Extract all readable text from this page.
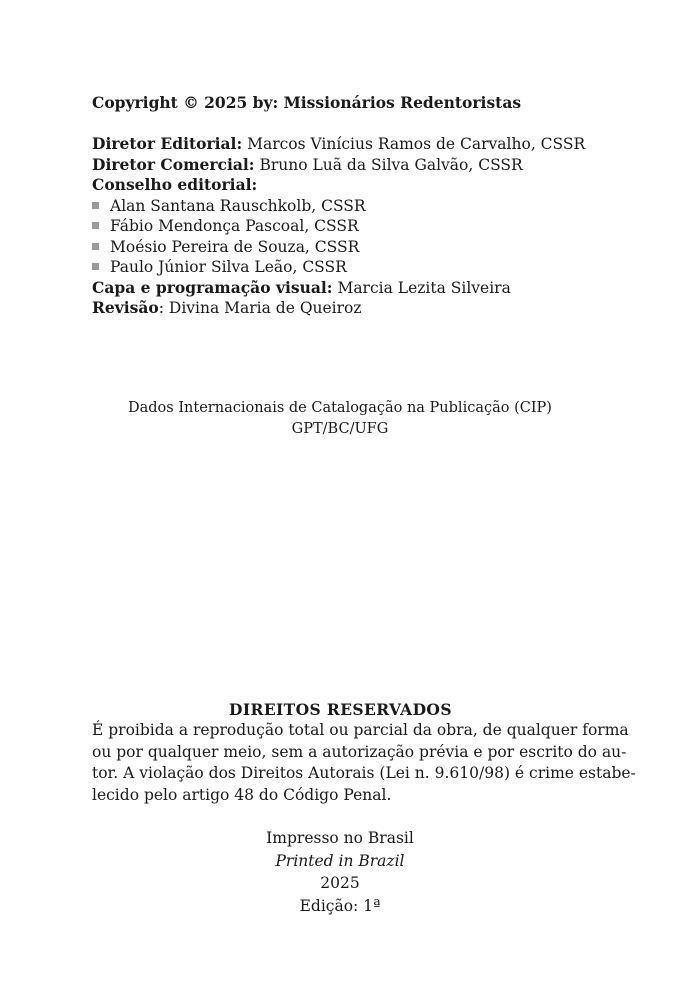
Copyright © 2025 by: Missionários Redentoristas
Diretor Editorial: Marcos Vinícius Ramos de Carvalho, CSSR
Diretor Comercial: Bruno Luã da Silva Galvão, CSSR
Conselho editorial:
Alan Santana Rauschkolb, CSSR
Fábio Mendonça Pascoal, CSSR
Moésio Pereira de Souza, CSSR
Paulo Júnior Silva Leão, CSSR
Capa e programação visual: Marcia Lezita Silveira
Revisão: Divina Maria de Queiroz
Dados Internacionais de Catalogação na Publicação (CIP)
GPT/BC/UFG
DIREITOS RESERVADOS
É proibida a reprodução total ou parcial da obra, de qualquer forma
ou por qualquer meio, sem a autorização prévia e por escrito do au-
tor. A violação dos Direitos Autorais (Lei n. 9.610/98) é crime estabe-
lecido pelo artigo 48 do Código Penal.
Impresso no Brasil
Printed in Brazil
2025
Edição: 1ª
